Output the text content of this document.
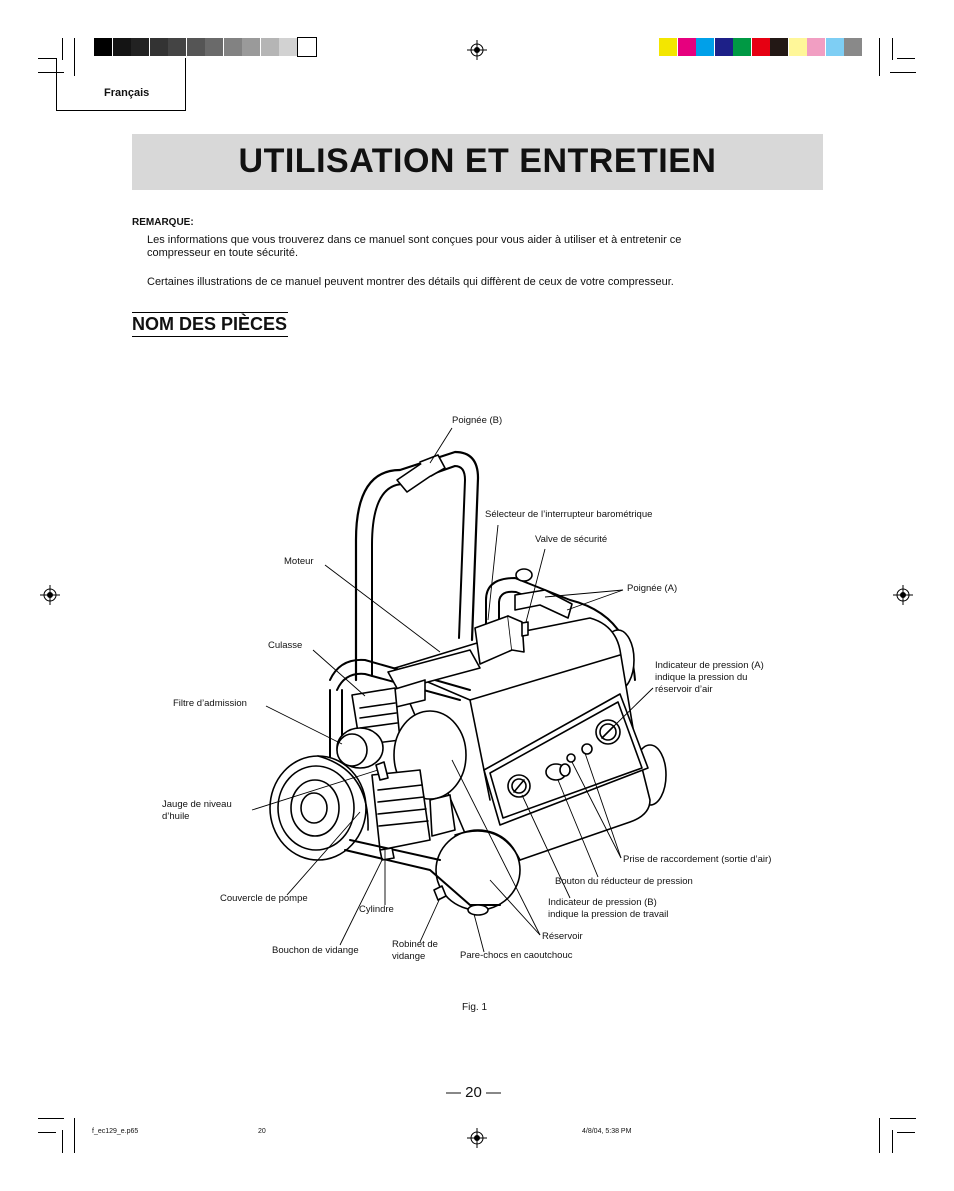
Français
UTILISATION ET ENTRETIEN
REMARQUE:
Les informations que vous trouverez dans ce manuel sont conçues pour vous aider à utiliser et à entretenir ce
compresseur en toute sécurité.
Certaines illustrations de ce manuel peuvent montrer des détails qui diffèrent de ceux de votre compresseur.
NOM DES PIÈCES
Poignée (B)
Sélecteur de l’interrupteur barométrique
Valve de sécurité
Moteur
Poignée (A)
Culasse
Indicateur de pression (A)
indique la pression du
réservoir d’air
Filtre d’admission
Jauge de niveau
d’huile
Prise de raccordement (sortie d’air)
Bouton du réducteur de pression
Couvercle de pompe
Cylindre
Indicateur de pression (B)
indique la pression de travail
Réservoir
Bouchon de vidange
Robinet de
vidange	Pare-chocs en caoutchouc
Fig. 1
— 20 —
f_ec129_e.p65	20	4/8/04, 5:38 PM
